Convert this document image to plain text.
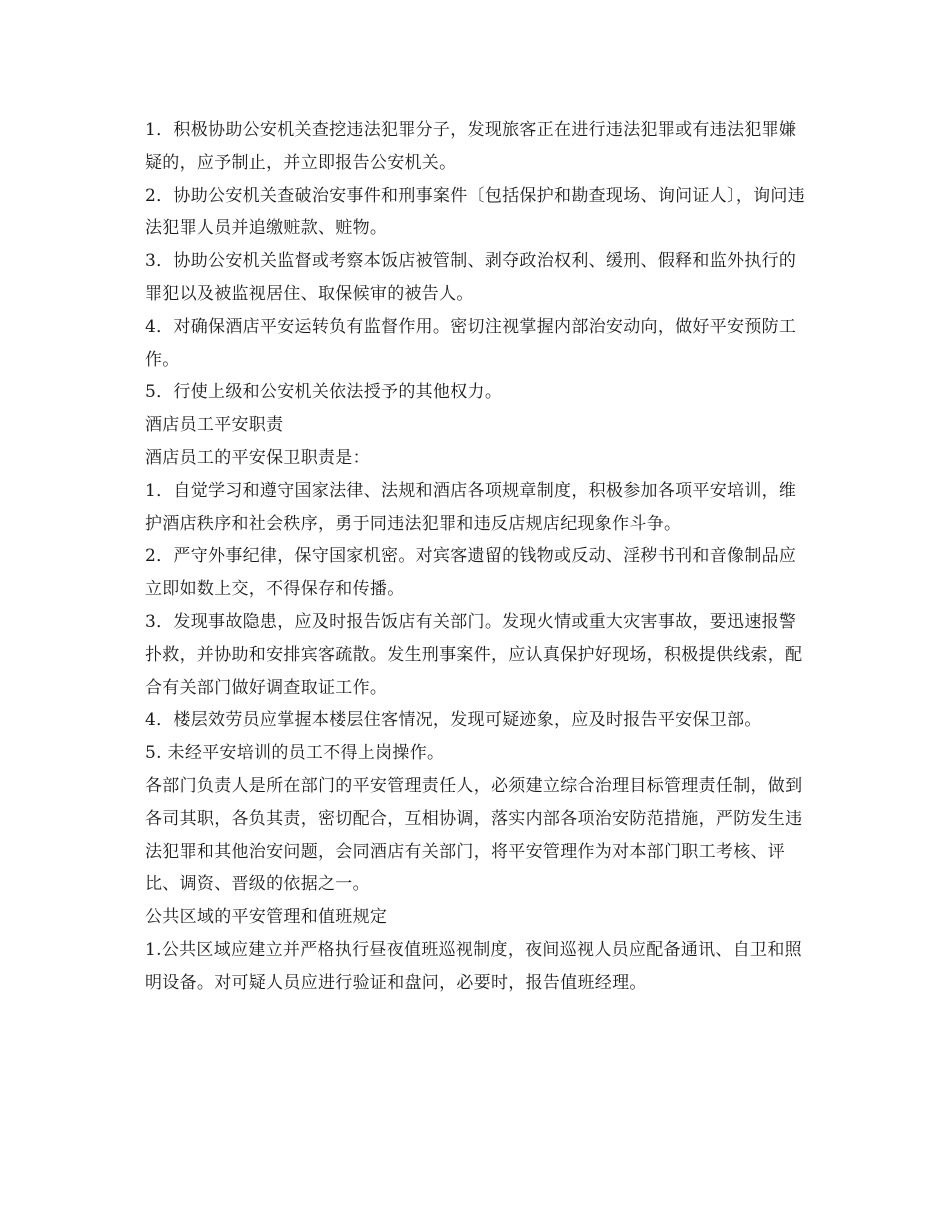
1．积极协助公安机关查挖违法犯罪分子，发现旅客正在进行违法犯罪或有违法犯罪嫌疑的，应予制止，并立即报告公安机关。

2．协助公安机关查破治安事件和刑事案件〔包括保护和勘查现场、询问证人〕，询问违法犯罪人员并追缴赃款、赃物。

3．协助公安机关监督或考察本饭店被管制、剥夺政治权利、缓刑、假释和监外执行的罪犯以及被监视居住、取保候审的被告人。

4．对确保酒店平安运转负有监督作用。密切注视掌握内部治安动向，做好平安预防工作。

5．行使上级和公安机关依法授予的其他权力。

酒店员工平安职责

酒店员工的平安保卫职责是：

1．自觉学习和遵守国家法律、法规和酒店各项规章制度，积极参加各项平安培训，维护酒店秩序和社会秩序，勇于同违法犯罪和违反店规店纪现象作斗争。

2．严守外事纪律，保守国家机密。对宾客遗留的钱物或反动、淫秽书刊和音像制品应立即如数上交，不得保存和传播。

3．发现事故隐患，应及时报告饭店有关部门。发现火情或重大灾害事故，要迅速报警扑救，并协助和安排宾客疏散。发生刑事案件，应认真保护好现场，积极提供线索，配合有关部门做好调查取证工作。

4．楼层效劳员应掌握本楼层住客情况，发现可疑迹象，应及时报告平安保卫部。

5. 未经平安培训的员工不得上岗操作。

各部门负责人是所在部门的平安管理责任人，必须建立综合治理目标管理责任制，做到各司其职，各负其责，密切配合，互相协调，落实内部各项治安防范措施，严防发生违法犯罪和其他治安问题，会同酒店有关部门，将平安管理作为对本部门职工考核、评比、调资、晋级的依据之一。

公共区域的平安管理和值班规定

1.公共区域应建立并严格执行昼夜值班巡视制度，夜间巡视人员应配备通讯、自卫和照明设备。对可疑人员应进行验证和盘问，必要时，报告值班经理。
